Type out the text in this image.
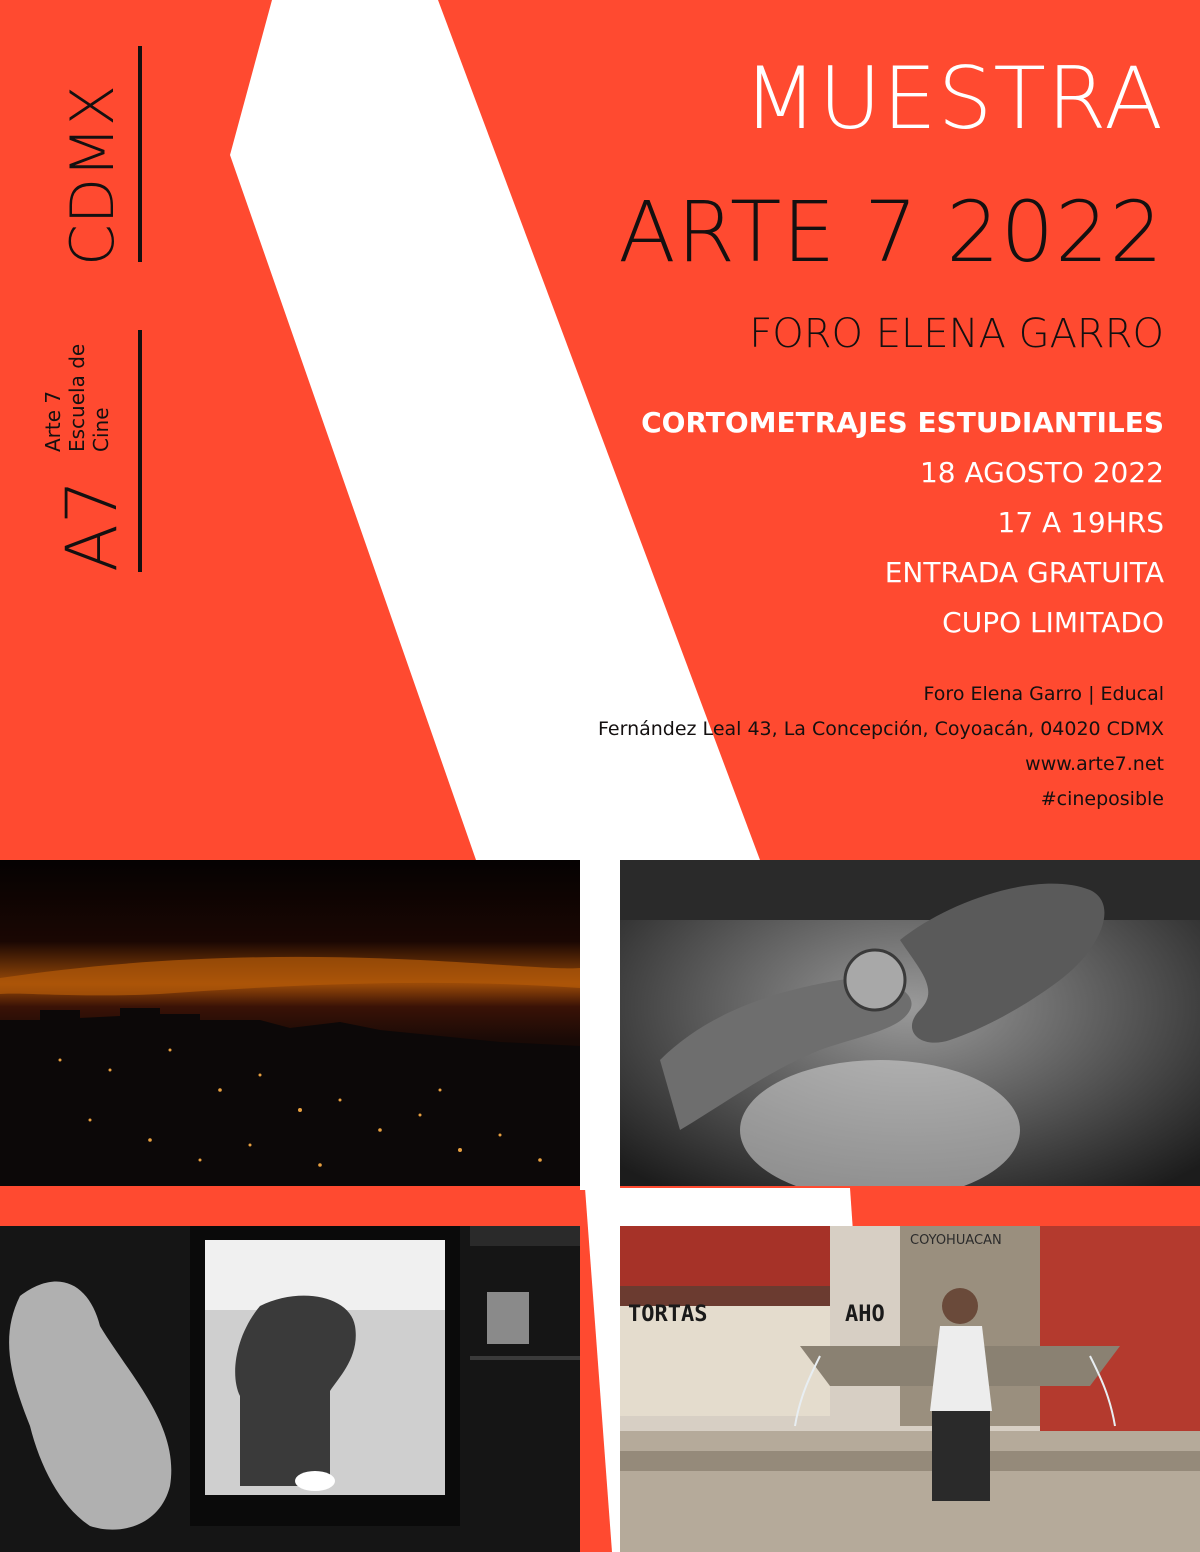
CDMX
A7
Arte 7 Escuela de Cine
MUESTRA
ARTE 7 2022
FORO ELENA GARRO
CORTOMETRAJES ESTUDIANTILES
18 AGOSTO 2022
17 A 19HRS
ENTRADA GRATUITA
CUPO LIMITADO
Foro Elena Garro | Educal
Fernández Leal 43, La Concepción, Coyoacán, 04020 CDMX
www.arte7.net
#cineposible
TORTAS	AHO
COYOHUACAN
